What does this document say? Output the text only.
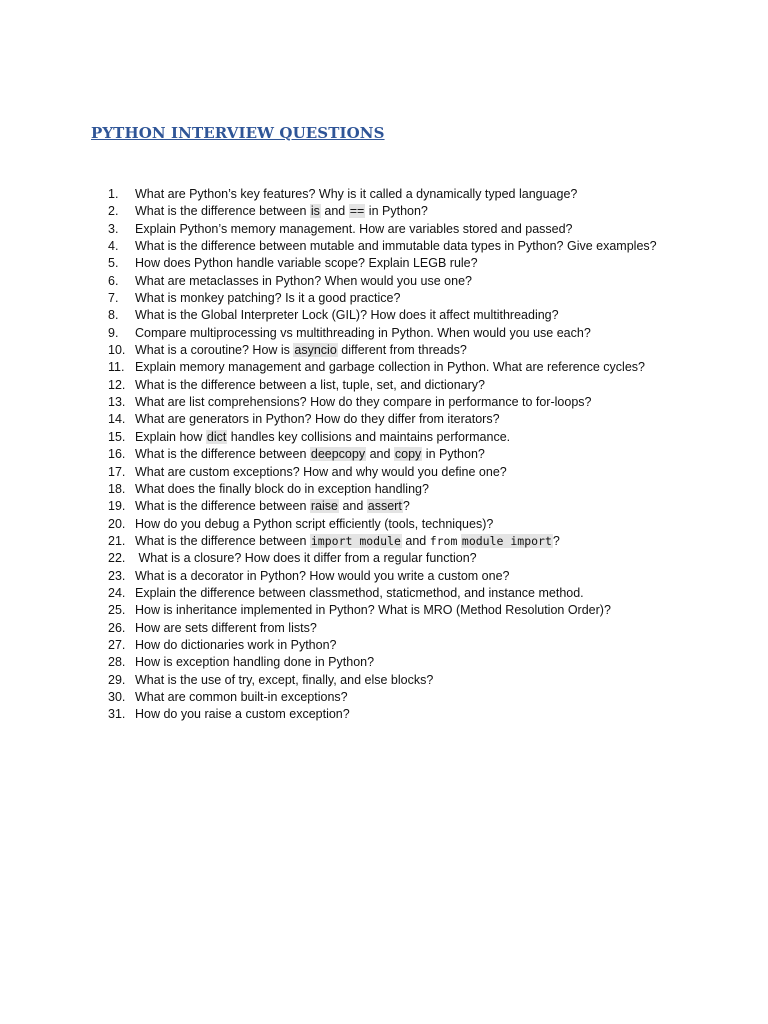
PYTHON INTERVIEW QUESTIONS
1.	What are Python’s key features? Why is it called a dynamically typed language?
2.	What is the difference between is and == in Python?
3.	Explain Python’s memory management. How are variables stored and passed?
4.	What is the difference between mutable and immutable data types in Python? Give examples?
5.	How does Python handle variable scope? Explain LEGB rule?
6.	What are metaclasses in Python? When would you use one?
7.	What is monkey patching? Is it a good practice?
8.	What is the Global Interpreter Lock (GIL)? How does it affect multithreading?
9.	Compare multiprocessing vs multithreading in Python. When would you use each?
10. What is a coroutine? How is asyncio different from threads?
11. Explain memory management and garbage collection in Python. What are reference cycles?
12. What is the difference between a list, tuple, set, and dictionary?
13. What are list comprehensions? How do they compare in performance to for-loops?
14. What are generators in Python? How do they differ from iterators?
15. Explain how dict handles key collisions and maintains performance.
16. What is the difference between deepcopy and copy in Python?
17. What are custom exceptions? How and why would you define one?
18. What does the finally block do in exception handling?
19. What is the difference between raise and assert?
20. How do you debug a Python script efficiently (tools, techniques)?
21. What is the difference between import module and from module import?
22. What is a closure? How does it differ from a regular function?
23. What is a decorator in Python? How would you write a custom one?
24. Explain the difference between classmethod, staticmethod, and instance method.
25. How is inheritance implemented in Python? What is MRO (Method Resolution Order)?
26. How are sets different from lists?
27. How do dictionaries work in Python?
28. How is exception handling done in Python?
29. What is the use of try, except, finally, and else blocks?
30. What are common built-in exceptions?
31. How do you raise a custom exception?
